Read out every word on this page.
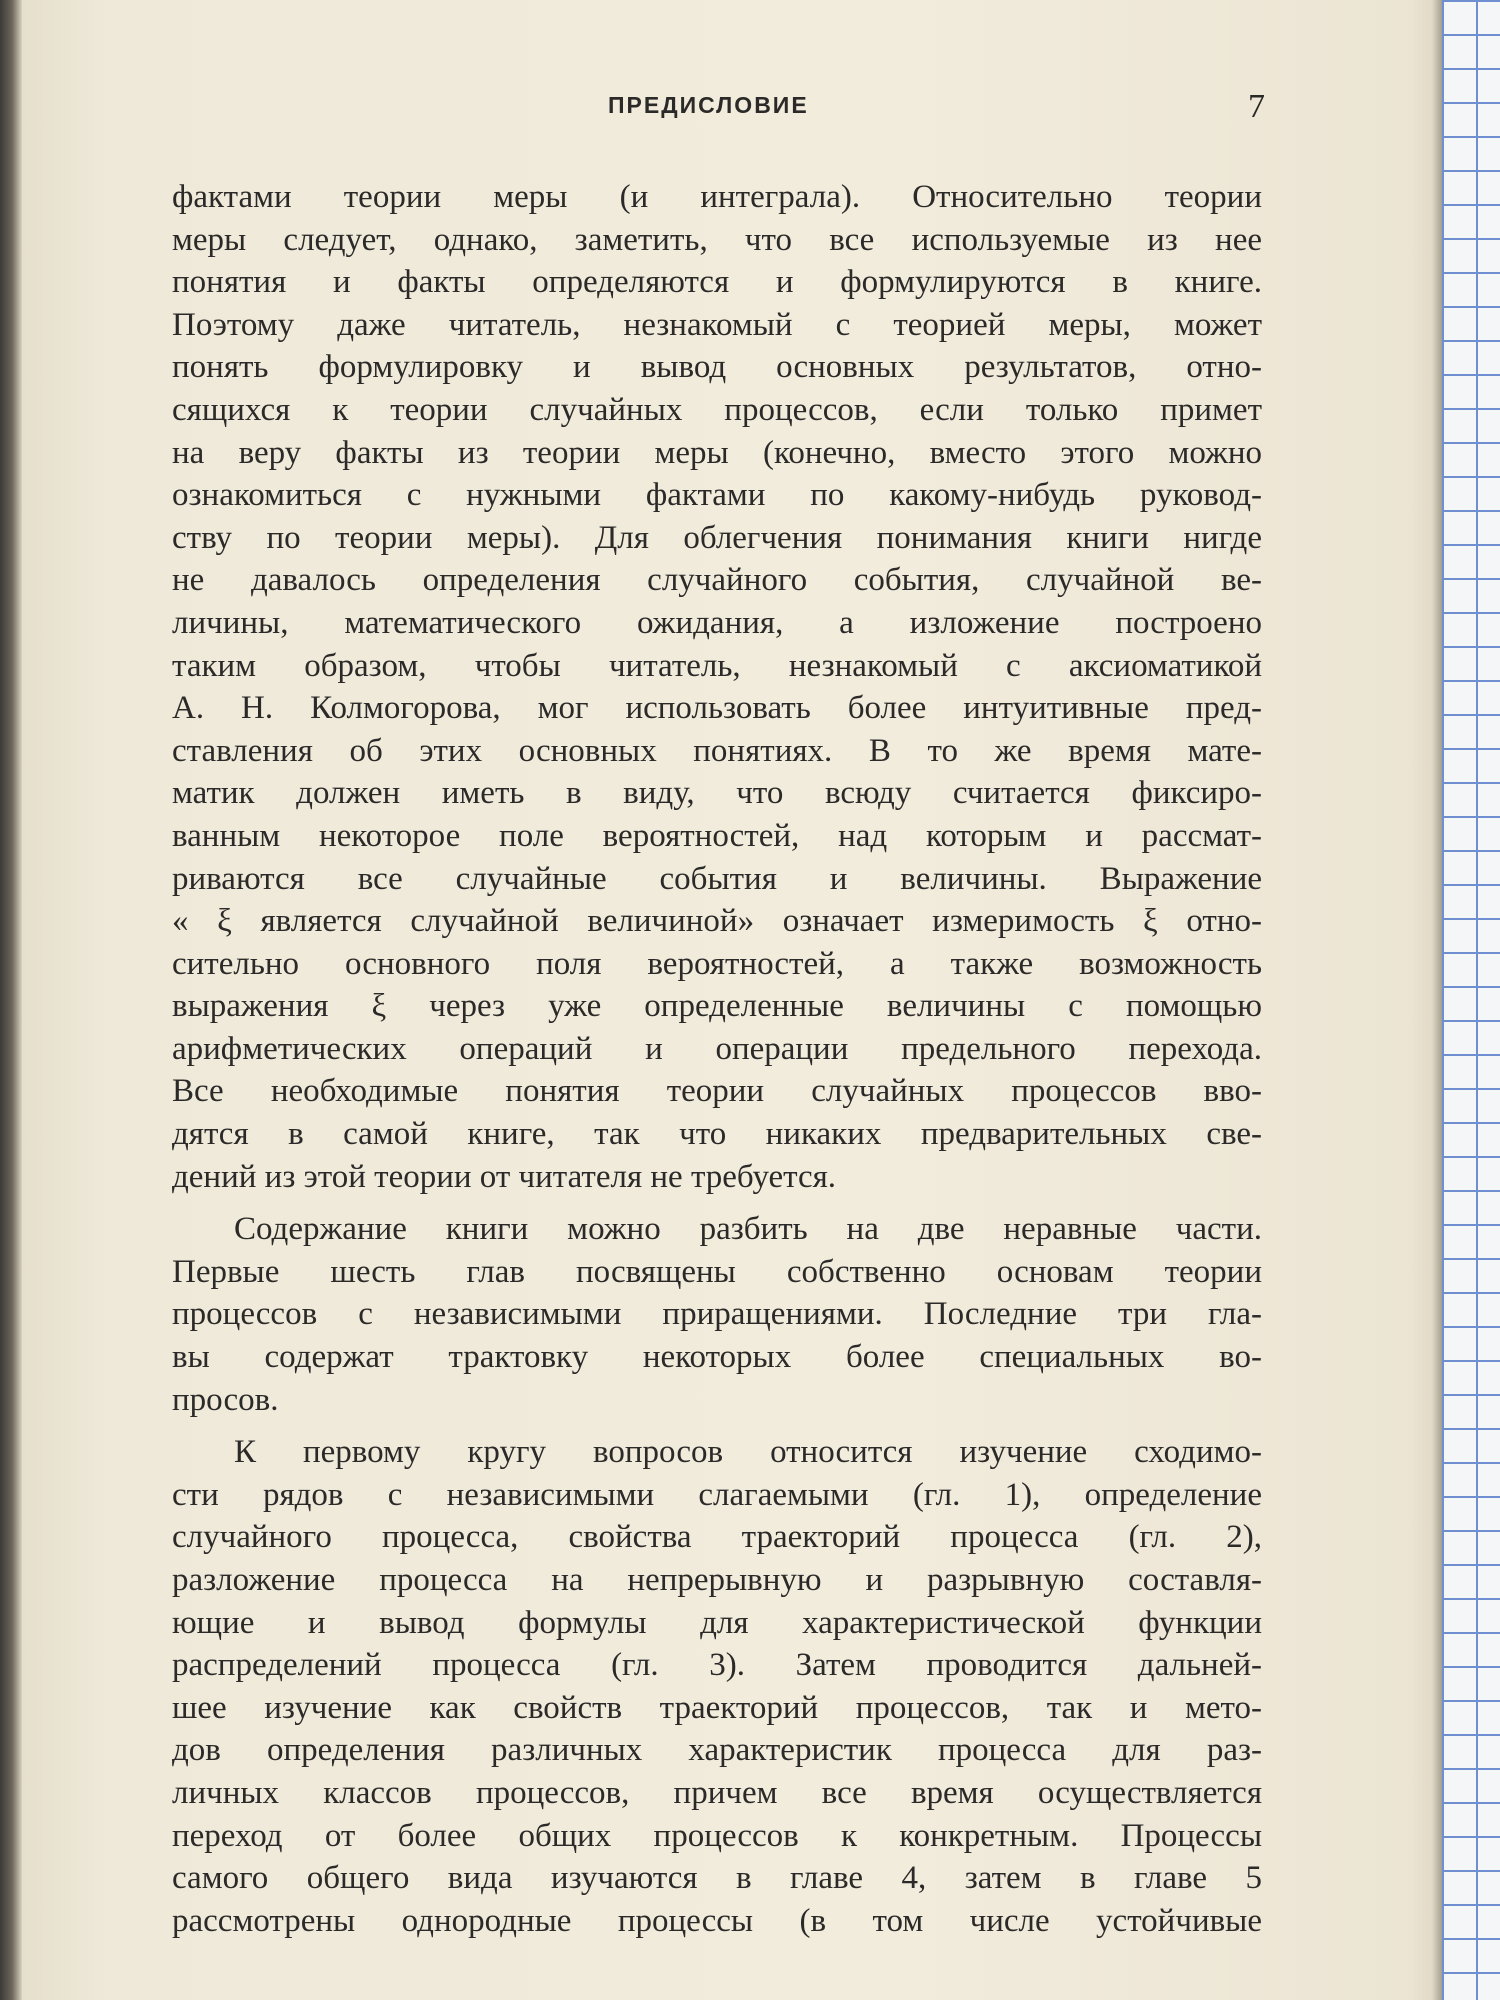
ПРЕДИСЛОВИЕ	7
фактами теории меры (и интеграла). Относительно теории
меры следует, однако, заметить, что все используемые из нее
понятия и факты определяются и формулируются в книге.
Поэтому даже читатель, незнакомый с теорией меры, может
понять формулировку и вывод основных результатов, отно-
сящихся к теории случайных процессов, если только примет
на веру факты из теории меры (конечно, вместо этого можно
ознакомиться с нужными фактами по какому-нибудь руковод-
ству по теории меры). Для облегчения понимания книги нигде
не давалось определения случайного события, случайной ве-
личины, математического ожидания, а изложение построено
таким образом, чтобы читатель, незнакомый с аксиоматикой
А. Н. Колмогорова, мог использовать более интуитивные пред-
ставления об этих основных понятиях. В то же время мате-
матик должен иметь в виду, что всюду считается фиксиро-
ванным некоторое поле вероятностей, над которым и рассмат-
риваются все случайные события и величины. Выражение
« ξ является случайной величиной» означает измеримость ξ отно-
сительно основного поля вероятностей, а также возможность
выражения ξ через уже определенные величины с помощью
арифметических операций и операции предельного перехода.
Все необходимые понятия теории случайных процессов вво-
дятся в самой книге, так что никаких предварительных све-
дений из этой теории от читателя не требуется.
Содержание книги можно разбить на две неравные части.
Первые шесть глав посвящены собственно основам теории
процессов с независимыми приращениями. Последние три гла-
вы содержат трактовку некоторых более специальных во-
просов.
К первому кругу вопросов относится изучение сходимо-
сти рядов с независимыми слагаемыми (гл. 1), определение
случайного процесса, свойства траекторий процесса (гл. 2),
разложение процесса на непрерывную и разрывную составля-
ющие и вывод формулы для характеристической функции
распределений процесса (гл. 3). Затем проводится дальней-
шее изучение как свойств траекторий процессов, так и мето-
дов определения различных характеристик процесса для раз-
личных классов процессов, причем все время осуществляется
переход от более общих процессов к конкретным. Процессы
самого общего вида изучаются в главе 4, затем в главе 5
рассмотрены однородные процессы (в том числе устойчивые
